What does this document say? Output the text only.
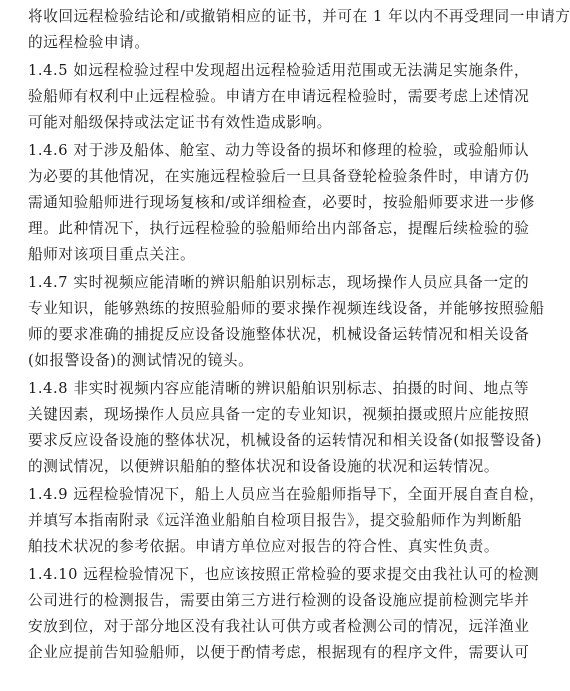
将收回远程检验结论和/或撤销相应的证书，并可在 1 年以内不再受理同一申请方
的远程检验申请。
1.4.5 如远程检验过程中发现超出远程检验适用范围或无法满足实施条件，
验船师有权利中止远程检验。申请方在申请远程检验时，需要考虑上述情况
可能对船级保持或法定证书有效性造成影响。
1.4.6 对于涉及船体、舱室、动力等设备的损坏和修理的检验，或验船师认
为必要的其他情况，在实施远程检验后一旦具备登轮检验条件时，申请方仍
需通知验船师进行现场复核和/或详细检查，必要时，按验船师要求进一步修
理。此种情况下，执行远程检验的验船师给出内部备忘，提醒后续检验的验
船师对该项目重点关注。
1.4.7 实时视频应能清晰的辨识船舶识别标志，现场操作人员应具备一定的
专业知识，能够熟练的按照验船师的要求操作视频连线设备，并能够按照验船
师的要求准确的捕捉反应设备设施整体状况，机械设备运转情况和相关设备
(如报警设备)的测试情况的镜头。
1.4.8 非实时视频内容应能清晰的辨识船舶识别标志、拍摄的时间、地点等
关键因素，现场操作人员应具备一定的专业知识，视频拍摄或照片应能按照
要求反应设备设施的整体状况，机械设备的运转情况和相关设备(如报警设备)
的测试情况，以便辨识船舶的整体状况和设备设施的状况和运转情况。
1.4.9 远程检验情况下，船上人员应当在验船师指导下，全面开展自查自检，
并填写本指南附录《远洋渔业船舶自检项目报告》，提交验船师作为判断船
舶技术状况的参考依据。申请方单位应对报告的符合性、真实性负责。
1.4.10 远程检验情况下，也应该按照正常检验的要求提交由我社认可的检测
公司进行的检测报告，需要由第三方进行检测的设备设施应提前检测完毕并
安放到位，对于部分地区没有我社认可供方或者检测公司的情况，远洋渔业
企业应提前告知验船师，以便于酌情考虑，根据现有的程序文件，需要认可
